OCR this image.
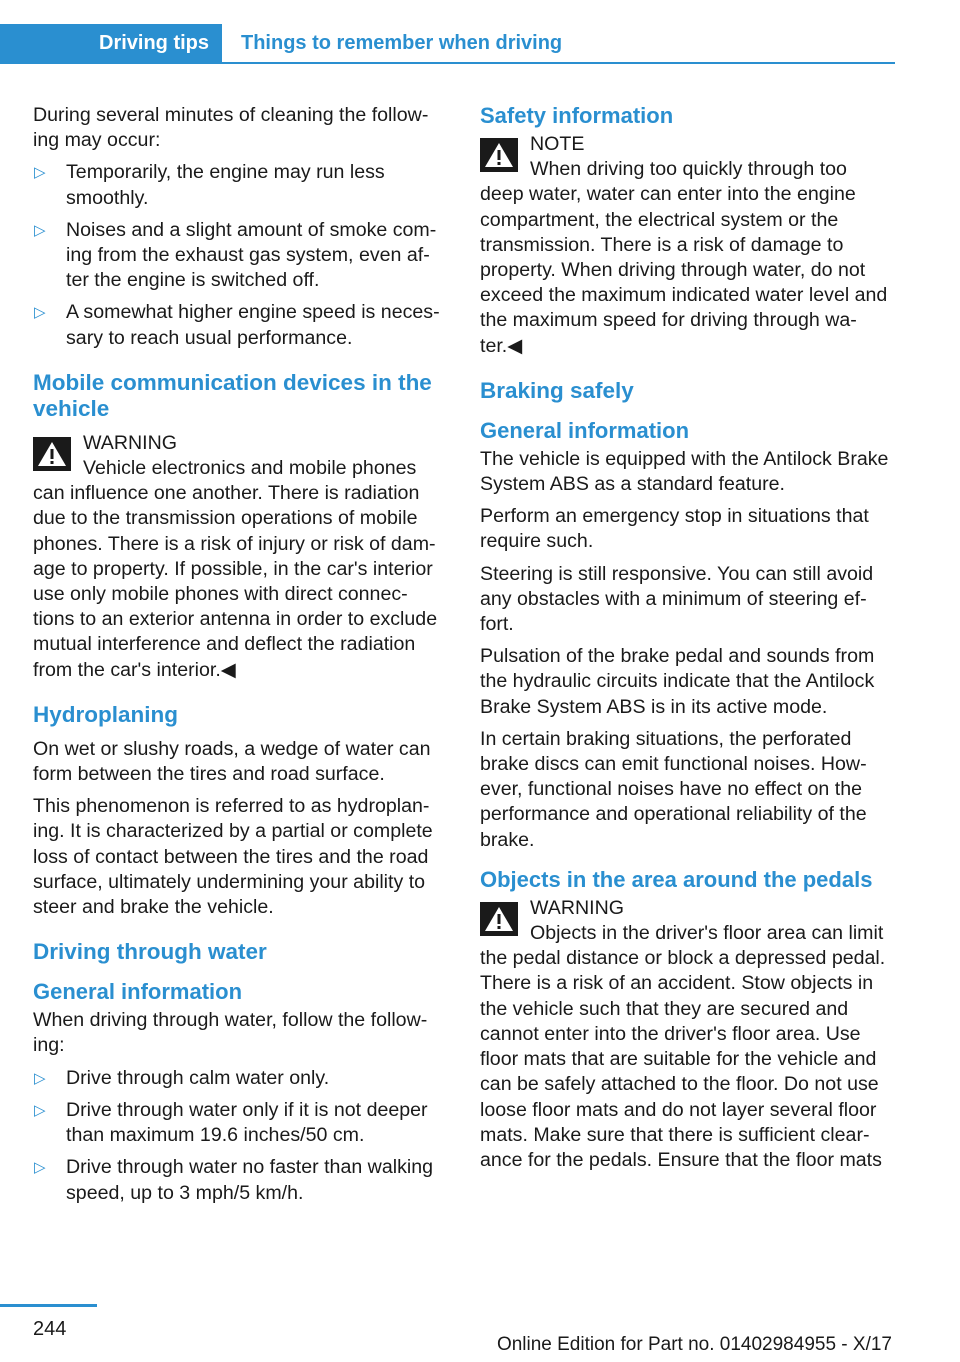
Driving tips	Things to remember when driving

During several minutes of cleaning the follow-ing may occur:

▷ Temporarily, the engine may run less smoothly.
▷ Noises and a slight amount of smoke com-ing from the exhaust gas system, even af-ter the engine is switched off.
▷ A somewhat higher engine speed is neces-sary to reach usual performance.
Mobile communication devices in the vehicle
WARNING
Vehicle electronics and mobile phones can influence one another. There is radiation due to the transmission operations of mobile phones. There is a risk of injury or risk of dam-age to property. If possible, in the car's interior use only mobile phones with direct connec-tions to an exterior antenna in order to exclude mutual interference and deflect the radiation from the car's interior.◀
Hydroplaning

On wet or slushy roads, a wedge of water can form between the tires and road surface.

This phenomenon is referred to as hydroplan-ing. It is characterized by a partial or complete loss of contact between the tires and the road surface, ultimately undermining your ability to steer and brake the vehicle.

Driving through water
General information

When driving through water, follow the follow-ing:

▷ Drive through calm water only.
▷ Drive through water only if it is not deeper than maximum 19.6 inches/50 cm.
▷ Drive through water no faster than walking speed, up to 3 mph/5 km/h.
Safety information
NOTE
When driving too quickly through too deep water, water can enter into the engine compartment, the electrical system or the transmission. There is a risk of damage to property. When driving through water, do not exceed the maximum indicated water level and the maximum speed for driving through wa-ter.◀
Braking safely
General information

The vehicle is equipped with the Antilock Brake System ABS as a standard feature.

Perform an emergency stop in situations that require such.

Steering is still responsive. You can still avoid any obstacles with a minimum of steering ef-fort.

Pulsation of the brake pedal and sounds from the hydraulic circuits indicate that the Antilock Brake System ABS is in its active mode.

In certain braking situations, the perforated brake discs can emit functional noises. How-ever, functional noises have no effect on the performance and operational reliability of the brake.

Objects in the area around the pedals
WARNING
Objects in the driver's floor area can limit the pedal distance or block a depressed pedal. There is a risk of an accident. Stow objects in the vehicle such that they are secured and cannot enter into the driver's floor area. Use floor mats that are suitable for the vehicle and can be safely attached to the floor. Do not use loose floor mats and do not layer several floor mats. Make sure that there is sufficient clear-ance for the pedals. Ensure that the floor mats
244
Online Edition for Part no. 01402984955 - X/17
